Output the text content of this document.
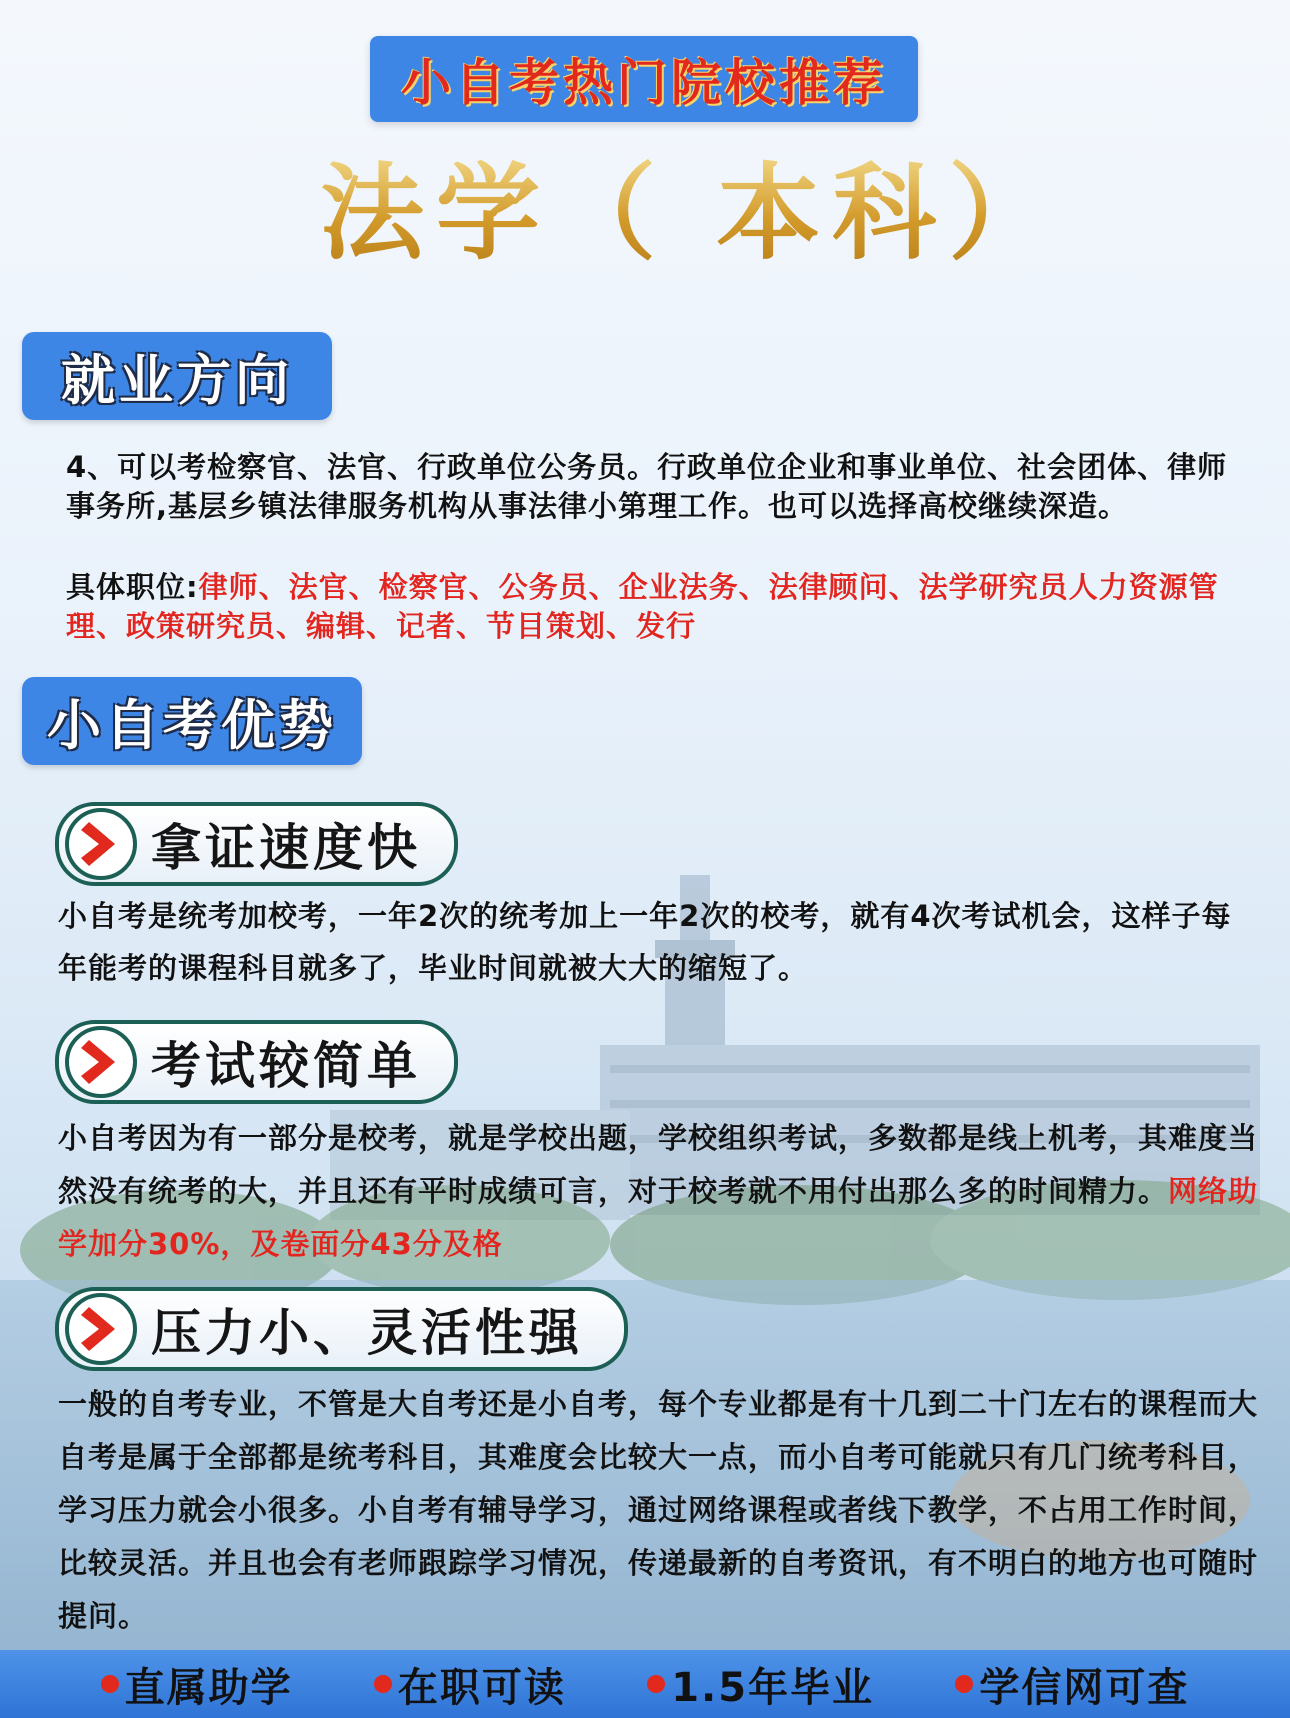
小自考热门院校推荐
法学（ 本科）
就业方向
4、可以考检察官、法官、行政单位公务员。行政单位企业和事业单位、社会团体、律师事务所,基层乡镇法律服务机构从事法律小第理工作。也可以选择高校继续深造。
具体职位:律师、法官、检察官、公务员、企业法务、法律顾问、法学研究员人力资源管理、政策研究员、编辑、记者、节目策划、发行
小自考优势
拿证速度快
小自考是统考加校考，一年2次的统考加上一年2次的校考，就有4次考试机会，这样子每年能考的课程科目就多了，毕业时间就被大大的缩短了。
考试较简单
小自考因为有一部分是校考，就是学校出题，学校组织考试，多数都是线上机考，其难度当然没有统考的大，并且还有平时成绩可言，对于校考就不用付出那么多的时间精力。网络助学加分30%，及卷面分43分及格
压力小、灵活性强
一般的自考专业，不管是大自考还是小自考，每个专业都是有十几到二十门左右的课程而大自考是属于全部都是统考科目，其难度会比较大一点，而小自考可能就只有几门统考科目，学习压力就会小很多。小自考有辅导学习，通过网络课程或者线下教学，不占用工作时间，比较灵活。并且也会有老师跟踪学习情况，传递最新的自考资讯，有不明白的地方也可随时提问。
直属助学	在职可读	1.5年毕业	学信网可查
